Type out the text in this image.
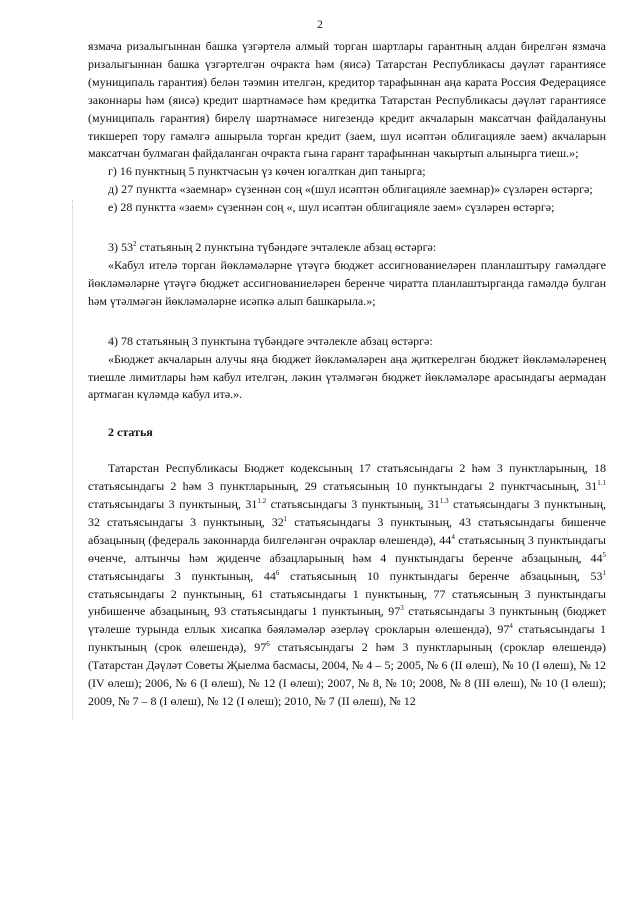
2

язмача ризалыгыннан башка үзгәртелә алмый торган шартлары гарантның алдан бирелгән язмача ризалыгыннан башка үзгәртелгән очракта һәм (яисә) Татарстан Республикасы дәүләт гарантиясе (муниципаль гарантия) белән тәэмин ителгән, кредитор тарафыннан аңа карата Россия Федерациясе законнары һәм (яисә) кредит шартнамәсе һәм кредитка Татарстан Республикасы дәүләт гарантиясе (муниципаль гарантия) бирелү шартнамәсе нигезендә кредит акчаларын максатчан файдалануны тикшереп тору гамәлгә ашырыла торган кредит (заем, шул исәптән облигацияле заем) акчаларын максатчан булмаган файдаланган очракта гына гарант тарафыннан чакыртып алынырга тиеш.»;

г) 16 пунктның 5 пунктчасын үз көчен югалткан дип танырга;

д) 27 пунктта «заемнар» сүзеннән соң «(шул исәптән облигацияле заемнар)» сүзләрен өстәргә;

е) 28 пунктта «заем» сүзеннән соң «, шул исәптән облигацияле заем» сүзләрен өстәргә;

3) $53^2$ статьяның 2 пунктына түбәндәге эчтәлекле абзац өстәргә:

«Кабул ителә торган йөкләмәләрне үтәүгә бюджет ассигнованиеләрен планлаштыру гамәлдәге йөкләмәләрне үтәүгә бюджет ассигнованиеләрен беренче чиратта планлаштырганда гамәлдә булган һәм үтәлмәгән йөкләмәләрне исәпкә алып башкарыла.»;

4) 78 статьяның 3 пунктына түбәндәге эчтәлекле абзац өстәргә:

«Бюджет акчаларын алучы яңа бюджет йөкләмәләрен аңа җиткерелгән бюджет йөкләмәләренең тиешле лимитлары һәм кабул ителгән, ләкин үтәлмәгән бюджет йөкләмәләре арасындагы аермадан артмаган күләмдә кабул итә.».

2 статья

Татарстан Республикасы Бюджет кодексының 17 статьясындагы 2 һәм 3 пунктларының, 18 статьясындагы 2 һәм 3 пунктларының, 29 статьясының 10 пунктындагы 2 пунктчасының, $31^{1.1}$ статьясындагы 3 пунктының, $31^{1.2}$ статьясындагы 3 пунктының, $31^{1.3}$ статьясындагы 3 пунктының, 32 статьясындагы 3 пунктының, $32^1$ статьясындагы 3 пунктының, 43 статьясындагы бишенче абзацының (федераль законнарда билгеләнгән очраклар өлешендә), $44^4$ статьясының 3 пунктындагы өченче, алтынчы һәм җиденче абзацларының һәм 4 пунктындагы беренче абзацының, $44^5$ статьясындагы 3 пунктының, $44^6$ статьясының 10 пунктындагы беренче абзацының, $53^1$ статьясындагы 2 пунктының, 61 статьясындагы 1 пунктының, 77 статьясының 3 пунктындагы унбишенче абзацының, 93 статьясындагы 1 пунктының, $97^3$ статьясындагы 3 пунктының (бюджет үтәлеше турында еллык хисапка бәяләмәләр әзерләү срокларын өлешендә), $97^4$ статьясындагы 1 пунктының (срок өлешендә), $97^6$ статьясындагы 2 һәм 3 пунктларының (сроклар өлешендә) (Татарстан Дәүләт Советы Җыелма басмасы, 2004, № 4 – 5; 2005, № 6 (II өлеш), № 10 (I өлеш), № 12 (IV өлеш); 2006, № 6 (I өлеш), № 12 (I өлеш); 2007, № 8, № 10; 2008, № 8 (III өлеш), № 10 (I өлеш); 2009, № 7 – 8 (I өлеш), № 12 (I өлеш); 2010, № 7 (II өлеш), № 12
